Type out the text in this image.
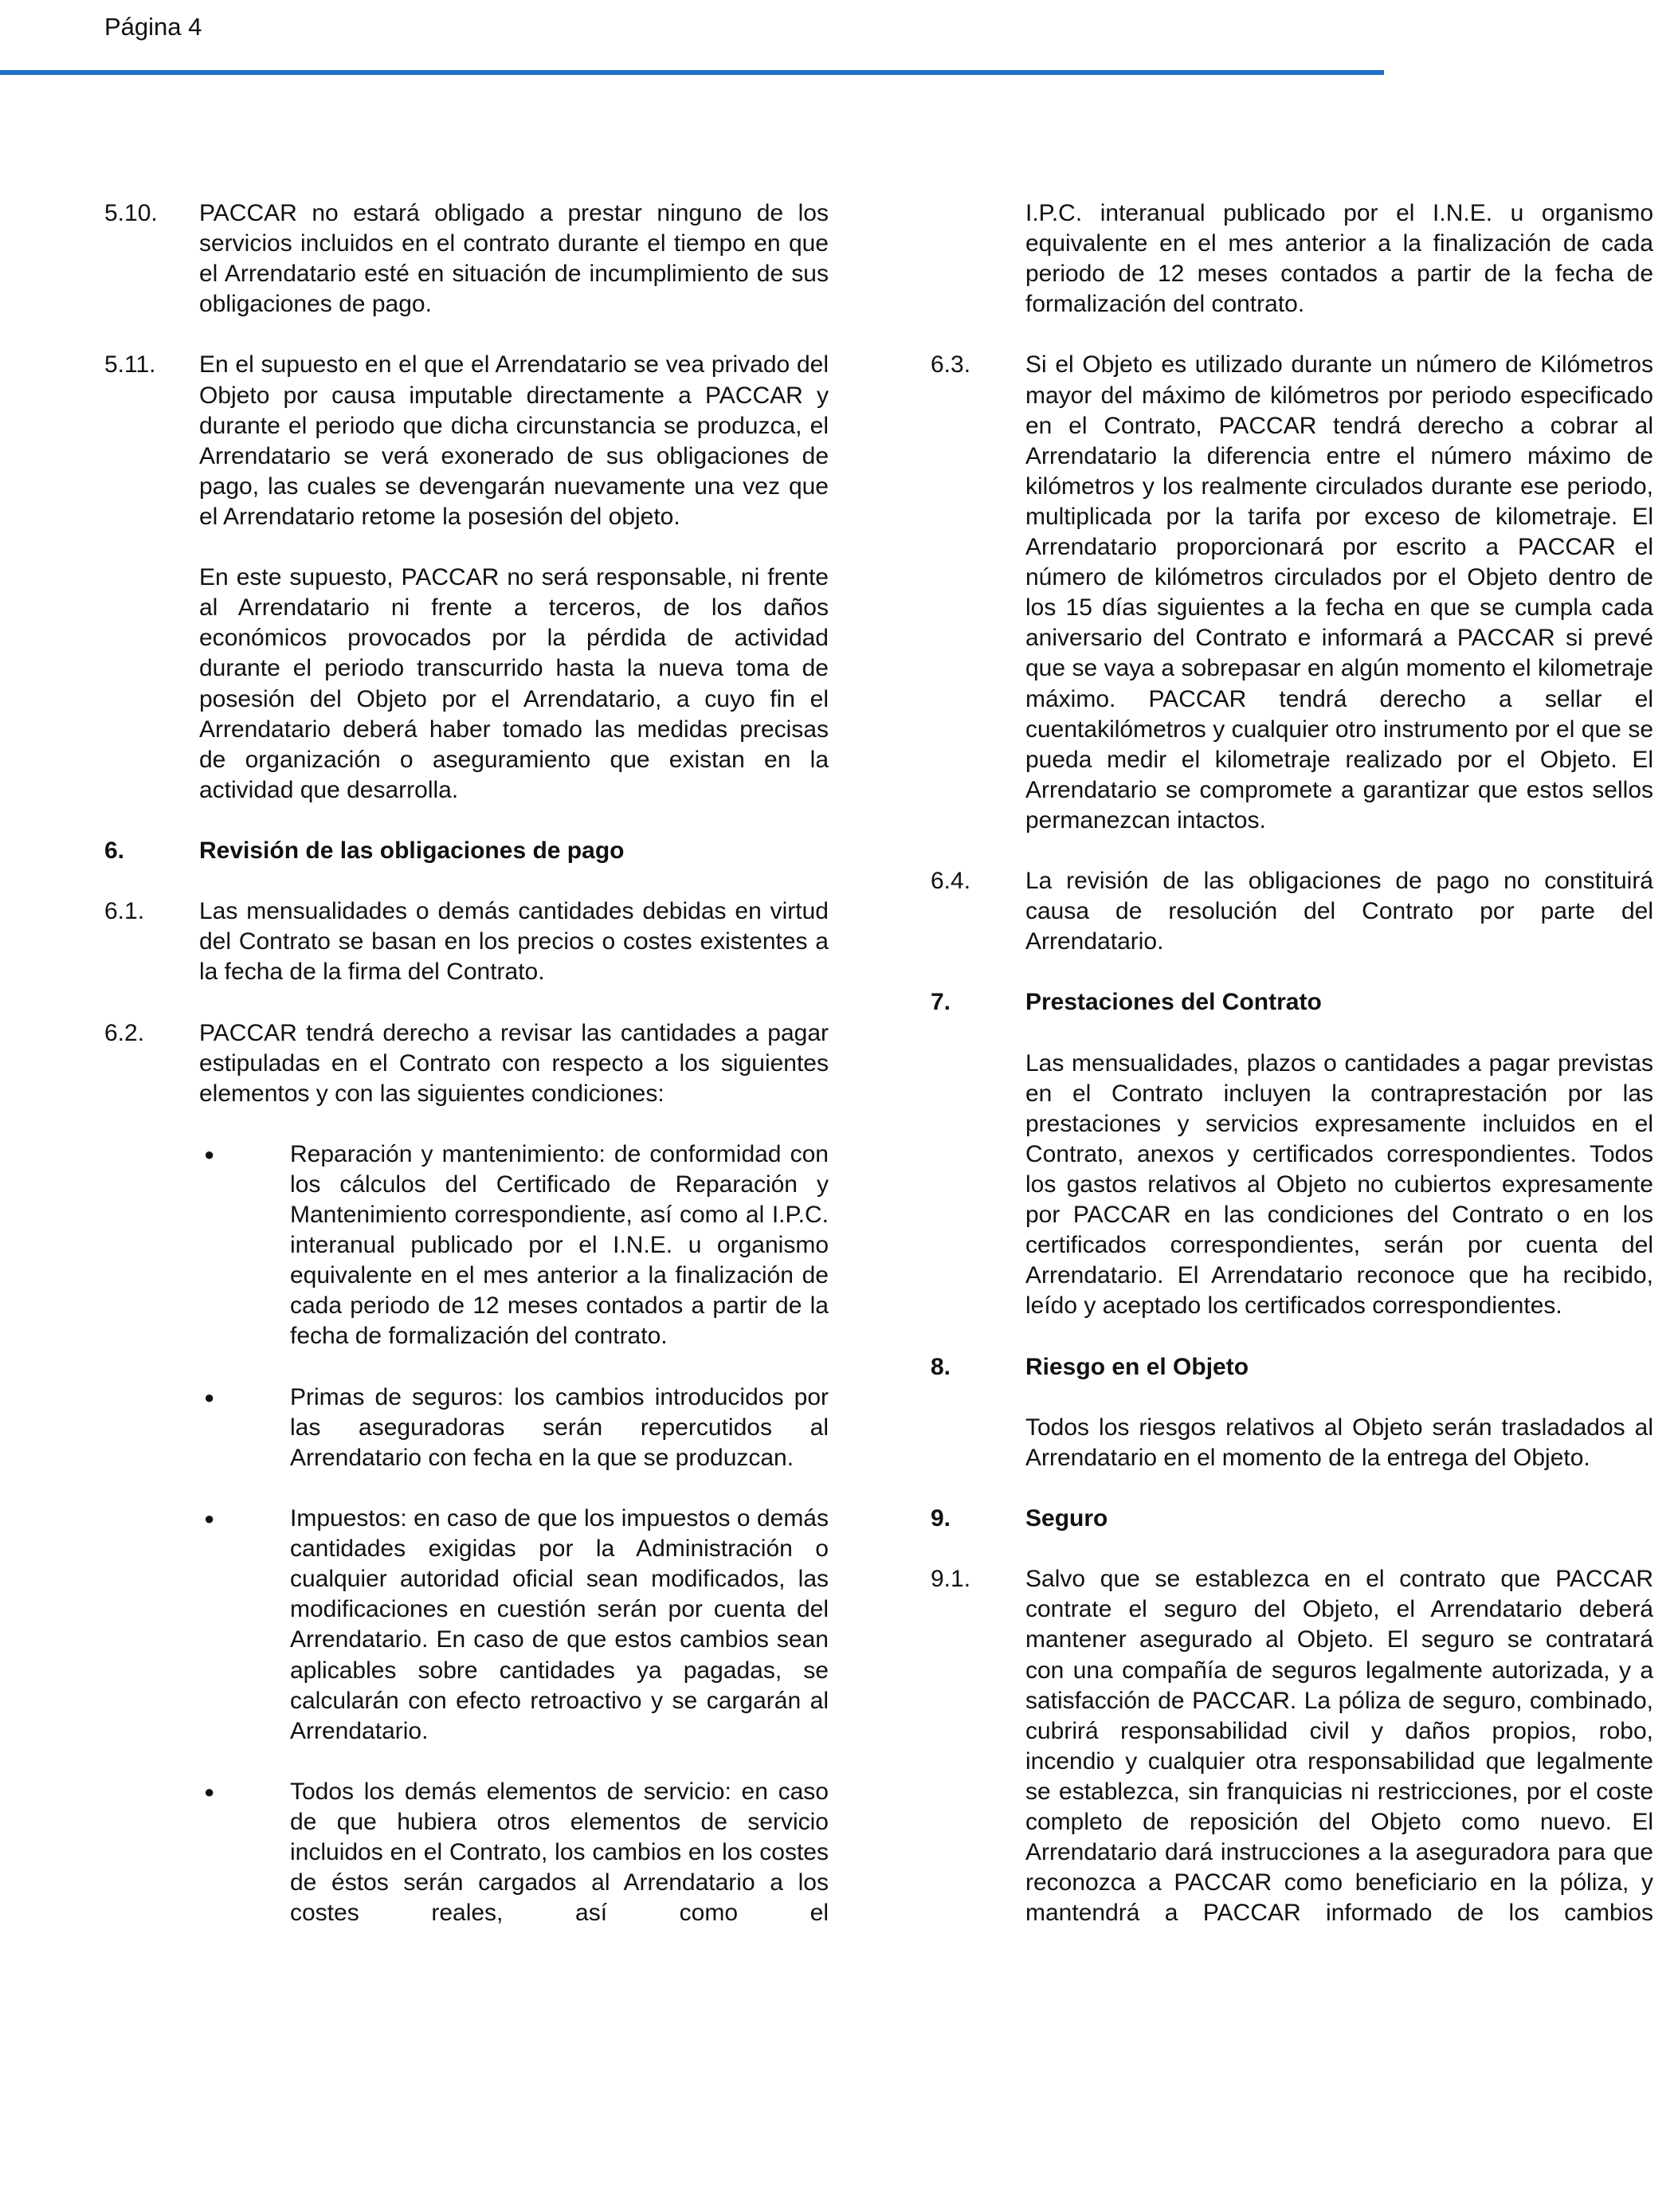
Página 4
5.10.	PACCAR no estará obligado a prestar ninguno de los servicios incluidos en el contrato durante el tiempo en que el Arrendatario esté en situación de incumplimiento de sus obligaciones de pago.
5.11.	En el supuesto en el que el Arrendatario se vea privado del Objeto por causa imputable directamente a PACCAR y durante el periodo que dicha circunstancia se produzca, el Arrendatario se verá exonerado de sus obligaciones de pago, las cuales se devengarán nuevamente una vez que el Arrendatario retome la posesión del objeto.
En este supuesto, PACCAR no será responsable, ni frente al Arrendatario ni frente a terceros, de los daños económicos provocados por la pérdida de actividad durante el periodo transcurrido hasta la nueva toma de posesión del Objeto por el Arrendatario, a cuyo fin el Arrendatario deberá haber tomado las medidas precisas de organización o aseguramiento que existan en la actividad que desarrolla.
6.	Revisión de las obligaciones de pago
6.1.	Las mensualidades o demás cantidades debidas en virtud del Contrato se basan en los precios o costes existentes a la fecha de la firma del Contrato.
6.2.	PACCAR tendrá derecho a revisar las cantidades a pagar estipuladas en el Contrato con respecto a los siguientes elementos y con las siguientes condiciones:
●	Reparación y mantenimiento: de conformidad con los cálculos del Certificado de Reparación y Mantenimiento correspondiente, así como al I.P.C. interanual publicado por el I.N.E. u organismo equivalente en el mes anterior a la finalización de cada periodo de 12 meses contados a partir de la fecha de formalización del contrato.
●	Primas de seguros: los cambios introducidos por las aseguradoras serán repercutidos al Arrendatario con fecha en la que se produzcan.
●	Impuestos: en caso de que los impuestos o demás cantidades exigidas por la Administración o cualquier autoridad oficial sean modificados, las modificaciones en cuestión serán por cuenta del Arrendatario. En caso de que estos cambios sean aplicables sobre cantidades ya pagadas, se calcularán con efecto retroactivo y se cargarán al Arrendatario.
●	Todos los demás elementos de servicio: en caso de que hubiera otros elementos de servicio incluidos en el Contrato, los cambios en los costes de éstos serán cargados al Arrendatario a los costes reales, así como el
I.P.C. interanual publicado por el I.N.E. u organismo equivalente en el mes anterior a la finalización de cada periodo de 12 meses contados a partir de la fecha de formalización del contrato.
6.3.	Si el Objeto es utilizado durante un número de Kilómetros mayor del máximo de kilómetros por periodo especificado en el Contrato, PACCAR tendrá derecho a cobrar al Arrendatario la diferencia entre el número máximo de kilómetros y los realmente circulados durante ese periodo, multiplicada por la tarifa por exceso de kilometraje. El Arrendatario proporcionará por escrito a PACCAR el número de kilómetros circulados por el Objeto dentro de los 15 días siguientes a la fecha en que se cumpla cada aniversario del Contrato e informará a PACCAR si prevé que se vaya a sobrepasar en algún momento el kilometraje máximo. PACCAR tendrá derecho a sellar el cuentakilómetros y cualquier otro instrumento por el que se pueda medir el kilometraje realizado por el Objeto. El Arrendatario se compromete a garantizar que estos sellos permanezcan intactos.
6.4.	La revisión de las obligaciones de pago no constituirá causa de resolución del Contrato por parte del Arrendatario.
7.	Prestaciones del Contrato
Las mensualidades, plazos o cantidades a pagar previstas en el Contrato incluyen la contraprestación por las prestaciones y servicios expresamente incluidos en el Contrato, anexos y certificados correspondientes. Todos los gastos relativos al Objeto no cubiertos expresamente por PACCAR en las condiciones del Contrato o en los certificados correspondientes, serán por cuenta del Arrendatario. El Arrendatario reconoce que ha recibido, leído y aceptado los certificados correspondientes.
8.	Riesgo en el Objeto
Todos los riesgos relativos al Objeto serán trasladados al Arrendatario en el momento de la entrega del Objeto.
9.	Seguro
9.1.	Salvo que se establezca en el contrato que PACCAR contrate el seguro del Objeto, el Arrendatario deberá mantener asegurado al Objeto. El seguro se contratará con una compañía de seguros legalmente autorizada, y a satisfacción de PACCAR. La póliza de seguro, combinado, cubrirá responsabilidad civil y daños propios, robo, incendio y cualquier otra responsabilidad que legalmente se establezca, sin franquicias ni restricciones, por el coste completo de reposición del Objeto como nuevo. El Arrendatario dará instrucciones a la aseguradora para que reconozca a PACCAR como beneficiario en la póliza, y mantendrá a PACCAR informado de los cambios
